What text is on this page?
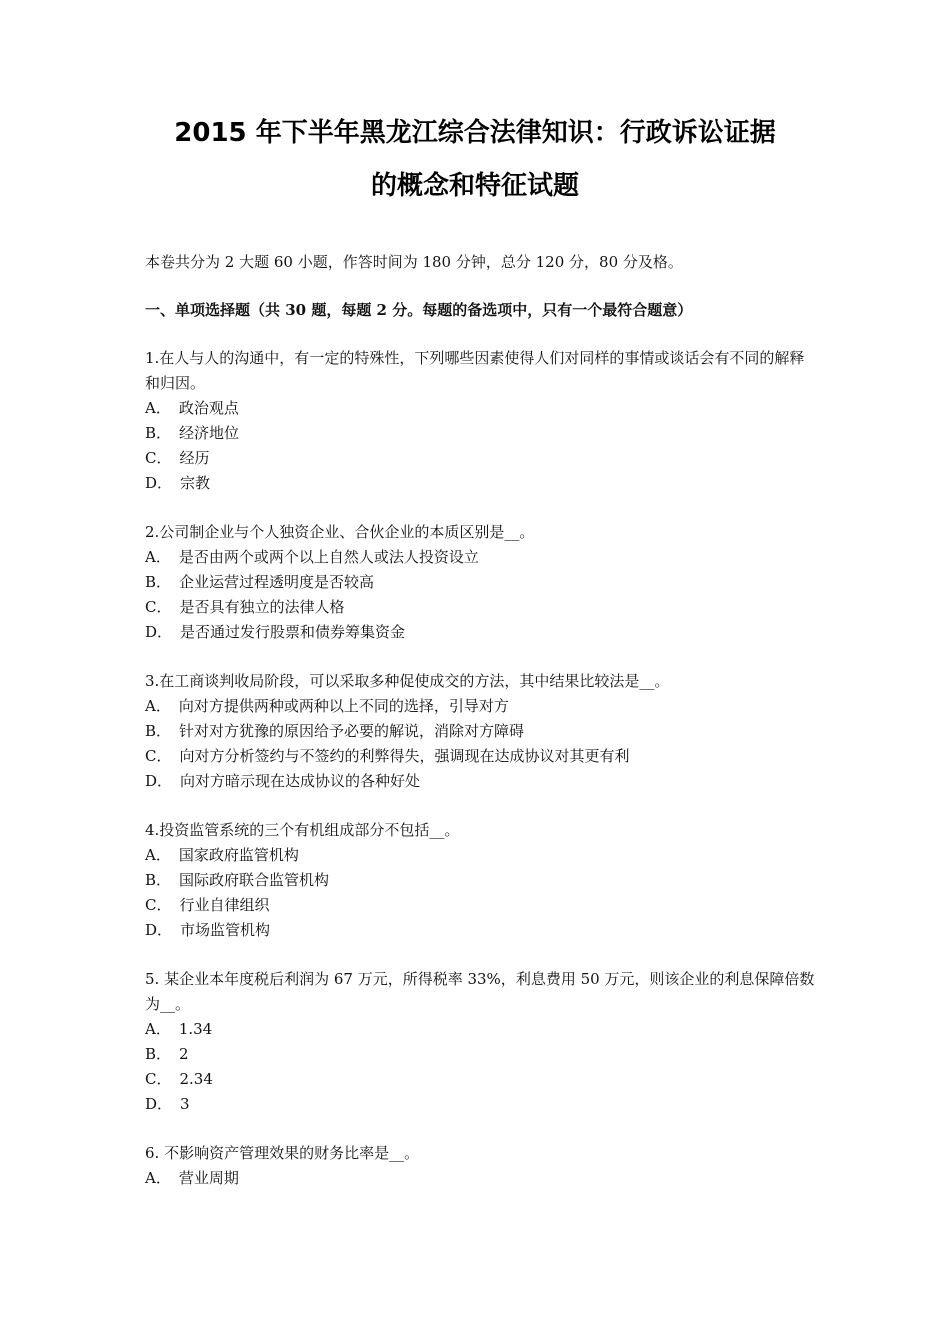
2015 年下半年黑龙江综合法律知识：行政诉讼证据
的概念和特征试题

本卷共分为 2 大题 60 小题，作答时间为 180 分钟，总分 120 分，80 分及格。

一、单项选择题（共 30 题，每题 2 分。每题的备选项中，只有一个最符合题意）

1.在人与人的沟通中，有一定的特殊性，下列哪些因素使得人们对同样的事情或谈话会有不同的解释和归因。

A． 政治观点

B． 经济地位

C． 经历

D． 宗教

2.公司制企业与个人独资企业、合伙企业的本质区别是__。

A． 是否由两个或两个以上自然人或法人投资设立

B． 企业运营过程透明度是否较高

C． 是否具有独立的法律人格

D． 是否通过发行股票和债券筹集资金

3.在工商谈判收局阶段，可以采取多种促使成交的方法，其中结果比较法是__。

A． 向对方提供两种或两种以上不同的选择，引导对方

B． 针对对方犹豫的原因给予必要的解说，消除对方障碍

C． 向对方分析签约与不签约的利弊得失，强调现在达成协议对其更有利

D． 向对方暗示现在达成协议的各种好处

4.投资监管系统的三个有机组成部分不包括__。

A． 国家政府监管机构

B． 国际政府联合监管机构

C． 行业自律组织

D． 市场监管机构

5. 某企业本年度税后利润为 67 万元，所得税率 33%，利息费用 50 万元，则该企业的利息保障倍数为__。

A． 1.34

B． 2

C． 2.34

D． 3

6. 不影响资产管理效果的财务比率是__。

A． 营业周期
